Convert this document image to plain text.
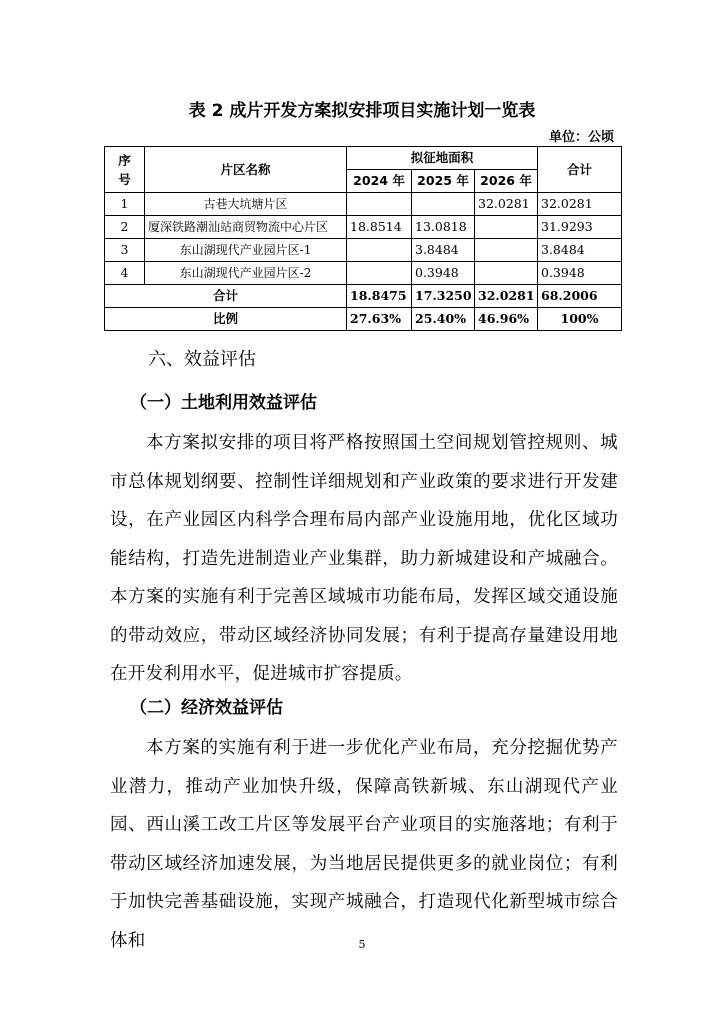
表 2 成片开发方案拟安排项目实施计划一览表
单位：公顷
序号	片区名称	拟征地面积			合计
		2024 年	2025 年	2026 年	
1	古巷大坑塘片区			32.0281	32.0281
2	厦深铁路潮汕站商贸物流中心片区	18.8514	13.0818		31.9293
3	东山湖现代产业园片区-1		3.8484		3.8484
4	东山湖现代产业园片区-2		0.3948		0.3948
合计		18.8475	17.3250	32.0281	68.2006
比例		27.63%	25.40%	46.96%	100%
六、效益评估
（一）土地利用效益评估

本方案拟安排的项目将严格按照国土空间规划管控规则、城市总体规划纲要、控制性详细规划和产业政策的要求进行开发建设，在产业园区内科学合理布局内部产业设施用地，优化区域功能结构，打造先进制造业产业集群，助力新城建设和产城融合。本方案的实施有利于完善区域城市功能布局，发挥区域交通设施的带动效应，带动区域经济协同发展；有利于提高存量建设用地在开发利用水平，促进城市扩容提质。

（二）经济效益评估

本方案的实施有利于进一步优化产业布局，充分挖掘优势产业潜力，推动产业加快升级，保障高铁新城、东山湖现代产业园、西山溪工改工片区等发展平台产业项目的实施落地；有利于带动区域经济加速发展，为当地居民提供更多的就业岗位；有利于加快完善基础设施，实现产城融合，打造现代化新型城市综合体和	5
